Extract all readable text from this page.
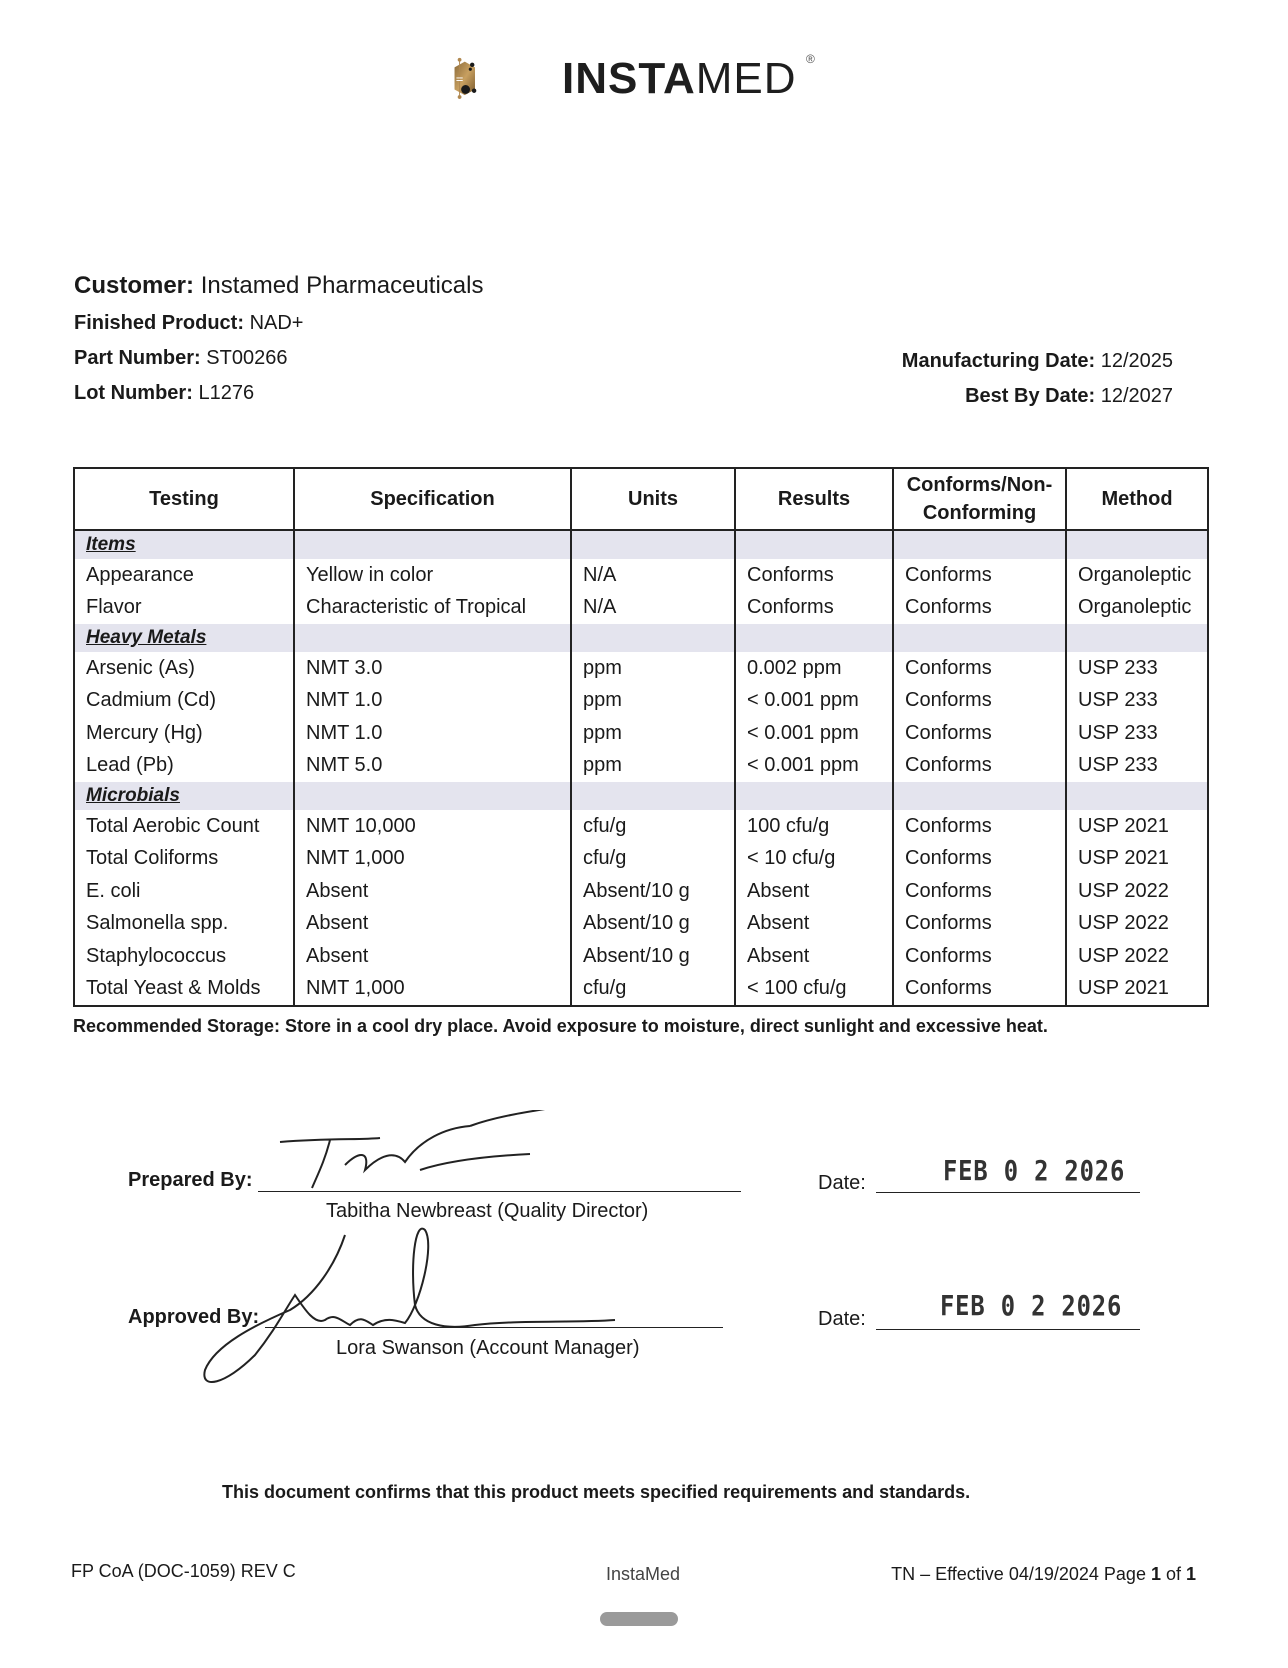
INSTAMED ®
Customer: Instamed Pharmaceuticals
Finished Product: NAD+
Part Number: ST00266
Lot Number: L1276
Manufacturing Date: 12/2025
Best By Date: 12/2027
Testing	Specification	Units	Results	Conforms/Non-Conforming	Method
Items					
Appearance	Yellow in color	N/A	Conforms	Conforms	Organoleptic
Flavor	Characteristic of Tropical	N/A	Conforms	Conforms	Organoleptic
Heavy Metals					
Arsenic (As)	NMT 3.0	ppm	0.002 ppm	Conforms	USP 233
Cadmium (Cd)	NMT 1.0	ppm	< 0.001 ppm	Conforms	USP 233
Mercury (Hg)	NMT 1.0	ppm	< 0.001 ppm	Conforms	USP 233
Lead (Pb)	NMT 5.0	ppm	< 0.001 ppm	Conforms	USP 233
Microbials					
Total Aerobic Count	NMT 10,000	cfu/g	100 cfu/g	Conforms	USP 2021
Total Coliforms	NMT 1,000	cfu/g	< 10 cfu/g	Conforms	USP 2021
E. coli	Absent	Absent/10 g	Absent	Conforms	USP 2022
Salmonella spp.	Absent	Absent/10 g	Absent	Conforms	USP 2022
Staphylococcus	Absent	Absent/10 g	Absent	Conforms	USP 2022
Total Yeast & Molds	NMT 1,000	cfu/g	< 100 cfu/g	Conforms	USP 2021
Recommended Storage: Store in a cool dry place. Avoid exposure to moisture, direct sunlight and excessive heat.
Prepared By:
Tabitha Newbreast (Quality Director)
Approved By:
Lora Swanson (Account Manager)
Date:	FEB 0 2 2026
Date:	FEB 0 2 2026
This document confirms that this product meets specified requirements and standards.
FP CoA (DOC-1059) REV C	InstaMed	TN – Effective 04/19/2024 Page 1 of 1
